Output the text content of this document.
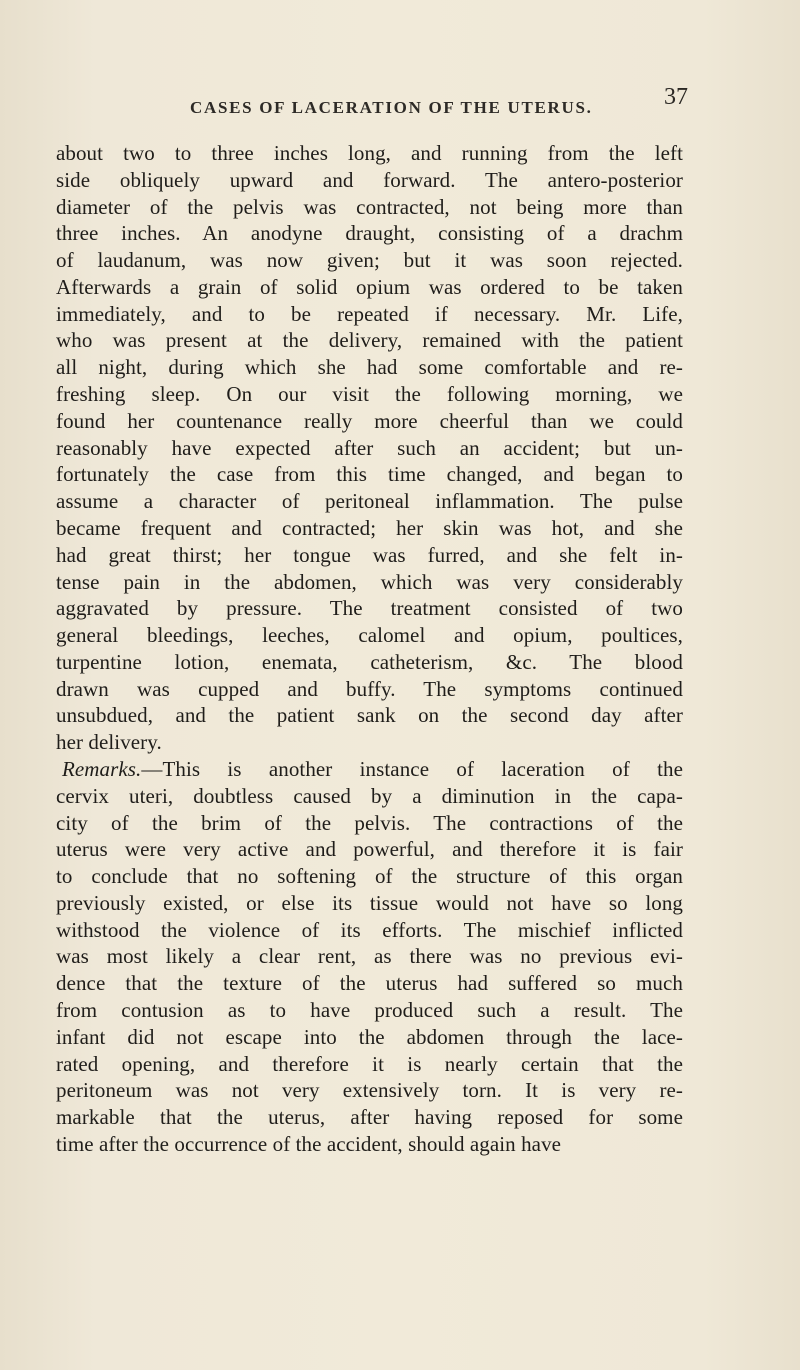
CASES OF LACERATION OF THE UTERUS.	37
about two to three inches long, and running from the left
side obliquely upward and forward. The antero-posterior
diameter of the pelvis was contracted, not being more than
three inches. An anodyne draught, consisting of a drachm
of laudanum, was now given; but it was soon rejected.
Afterwards a grain of solid opium was ordered to be taken
immediately, and to be repeated if necessary. Mr. Life,
who was present at the delivery, remained with the patient
all night, during which she had some comfortable and re-
freshing sleep. On our visit the following morning, we
found her countenance really more cheerful than we could
reasonably have expected after such an accident; but un-
fortunately the case from this time changed, and began to
assume a character of peritoneal inflammation. The pulse
became frequent and contracted; her skin was hot, and she
had great thirst; her tongue was furred, and she felt in-
tense pain in the abdomen, which was very considerably
aggravated by pressure. The treatment consisted of two
general bleedings, leeches, calomel and opium, poultices,
turpentine lotion, enemata, catheterism, &c. The blood
drawn was cupped and buffy. The symptoms continued
unsubdued, and the patient sank on the second day after
her delivery.
Remarks.—This is another instance of laceration of the
cervix uteri, doubtless caused by a diminution in the capa-
city of the brim of the pelvis. The contractions of the
uterus were very active and powerful, and therefore it is fair
to conclude that no softening of the structure of this organ
previously existed, or else its tissue would not have so long
withstood the violence of its efforts. The mischief inflicted
was most likely a clear rent, as there was no previous evi-
dence that the texture of the uterus had suffered so much
from contusion as to have produced such a result. The
infant did not escape into the abdomen through the lace-
rated opening, and therefore it is nearly certain that the
peritoneum was not very extensively torn. It is very re-
markable that the uterus, after having reposed for some
time after the occurrence of the accident, should again have
